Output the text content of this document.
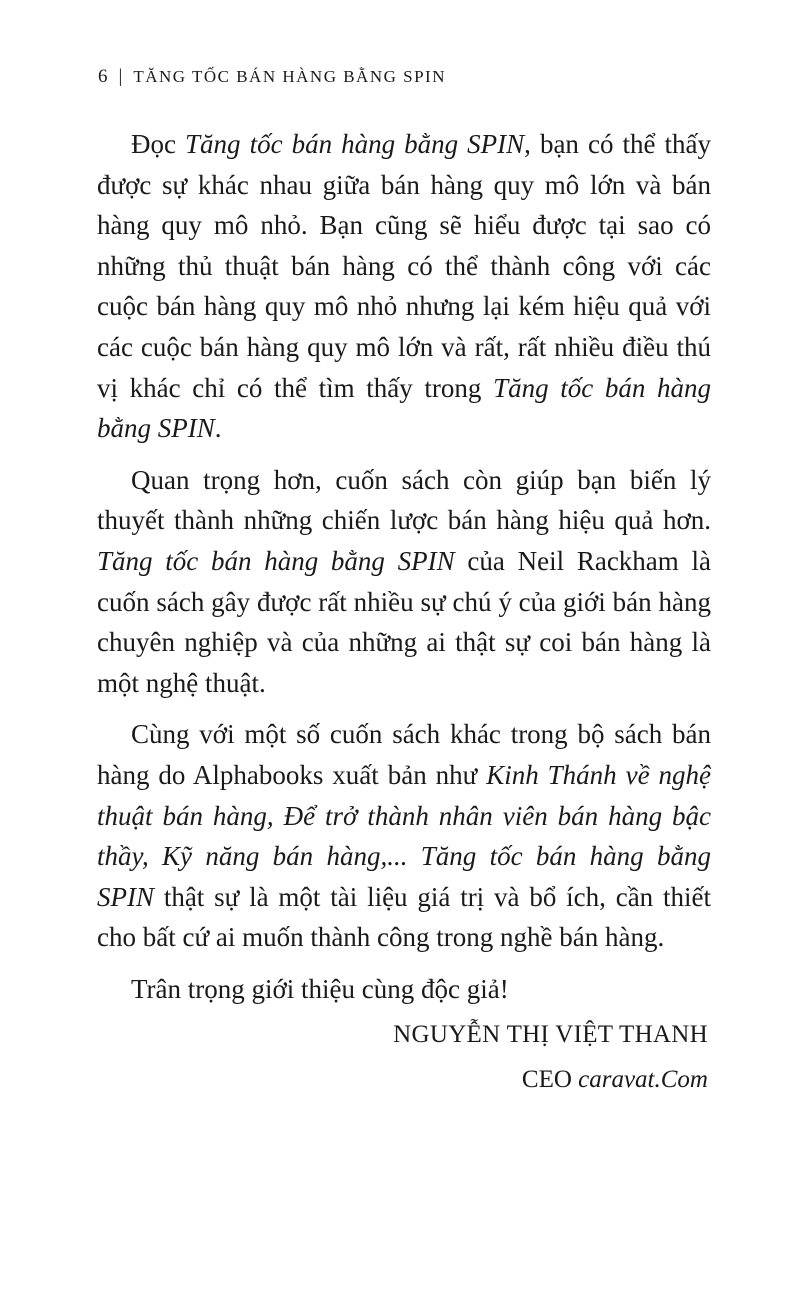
6 | TĂNG TỐC BÁN HÀNG BẰNG SPIN

Đọc Tăng tốc bán hàng bằng SPIN, bạn có thể thấy được sự khác nhau giữa bán hàng quy mô lớn và bán hàng quy mô nhỏ. Bạn cũng sẽ hiểu được tại sao có những thủ thuật bán hàng có thể thành công với các cuộc bán hàng quy mô nhỏ nhưng lại kém hiệu quả với các cuộc bán hàng quy mô lớn và rất, rất nhiều điều thú vị khác chỉ có thể tìm thấy trong Tăng tốc bán hàng bằng SPIN.

Quan trọng hơn, cuốn sách còn giúp bạn biến lý thuyết thành những chiến lược bán hàng hiệu quả hơn. Tăng tốc bán hàng bằng SPIN của Neil Rackham là cuốn sách gây được rất nhiều sự chú ý của giới bán hàng chuyên nghiệp và của những ai thật sự coi bán hàng là một nghệ thuật.

Cùng với một số cuốn sách khác trong bộ sách bán hàng do Alphabooks xuất bản như Kinh Thánh về nghệ thuật bán hàng, Để trở thành nhân viên bán hàng bậc thầy, Kỹ năng bán hàng,... Tăng tốc bán hàng bằng SPIN thật sự là một tài liệu giá trị và bổ ích, cần thiết cho bất cứ ai muốn thành công trong nghề bán hàng.

Trân trọng giới thiệu cùng độc giả!

NGUYỄN THỊ VIỆT THANH
CEO caravat.Com
